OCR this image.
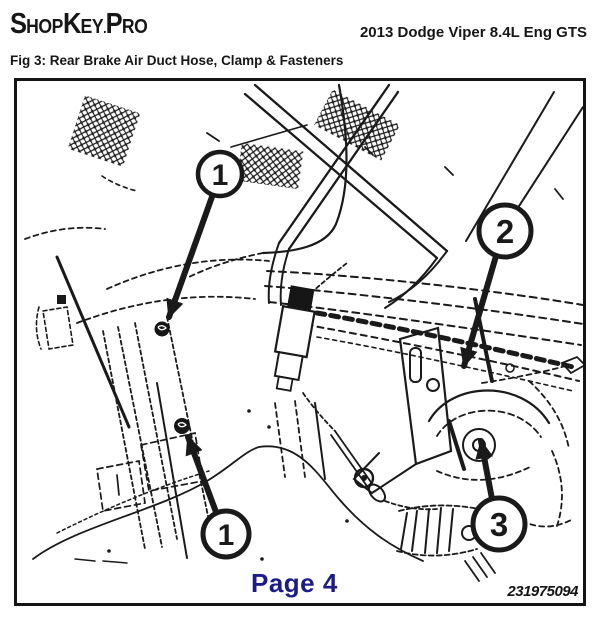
SHOPKEY.PRO	2013 Dodge Viper 8.4L Eng GTS
Fig 3: Rear Brake Air Duct Hose, Clamp & Fasteners
1
2
1	3
Page 4	231975094
